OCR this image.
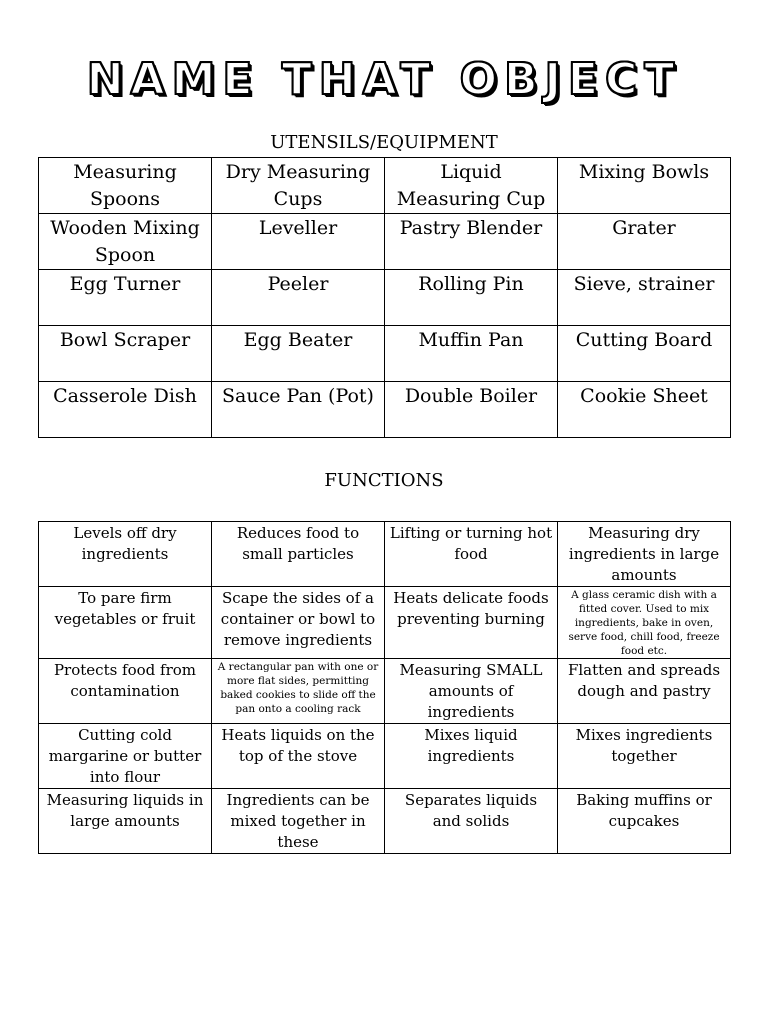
NAME THAT OBJECT
UTENSILS/EQUIPMENT
Measuring Spoons	Dry Measuring Cups	Liquid Measuring Cup	Mixing Bowls
Wooden Mixing Spoon	Leveller	Pastry Blender	Grater
Egg Turner	Peeler	Rolling Pin	Sieve, strainer
Bowl Scraper	Egg Beater	Muffin Pan	Cutting Board
Casserole Dish	Sauce Pan (Pot)	Double Boiler	Cookie Sheet
FUNCTIONS
Levels off dry ingredients	Reduces food to small particles	Lifting or turning hot food	Measuring dry ingredients in large amounts
To pare firm vegetables or fruit	Scape the sides of a container or bowl to remove ingredients	Heats delicate foods preventing burning	A glass ceramic dish with a fitted cover. Used to mix ingredients, bake in oven, serve food, chill food, freeze food etc.
Protects food from contamination	A rectangular pan with one or more flat sides, permitting baked cookies to slide off the pan onto a cooling rack	Measuring SMALL amounts of ingredients	Flatten and spreads dough and pastry
Cutting cold margarine or butter into flour	Heats liquids on the top of the stove	Mixes liquid ingredients	Mixes ingredients together
Measuring liquids in large amounts	Ingredients can be mixed together in these	Separates liquids and solids	Baking muffins or cupcakes
